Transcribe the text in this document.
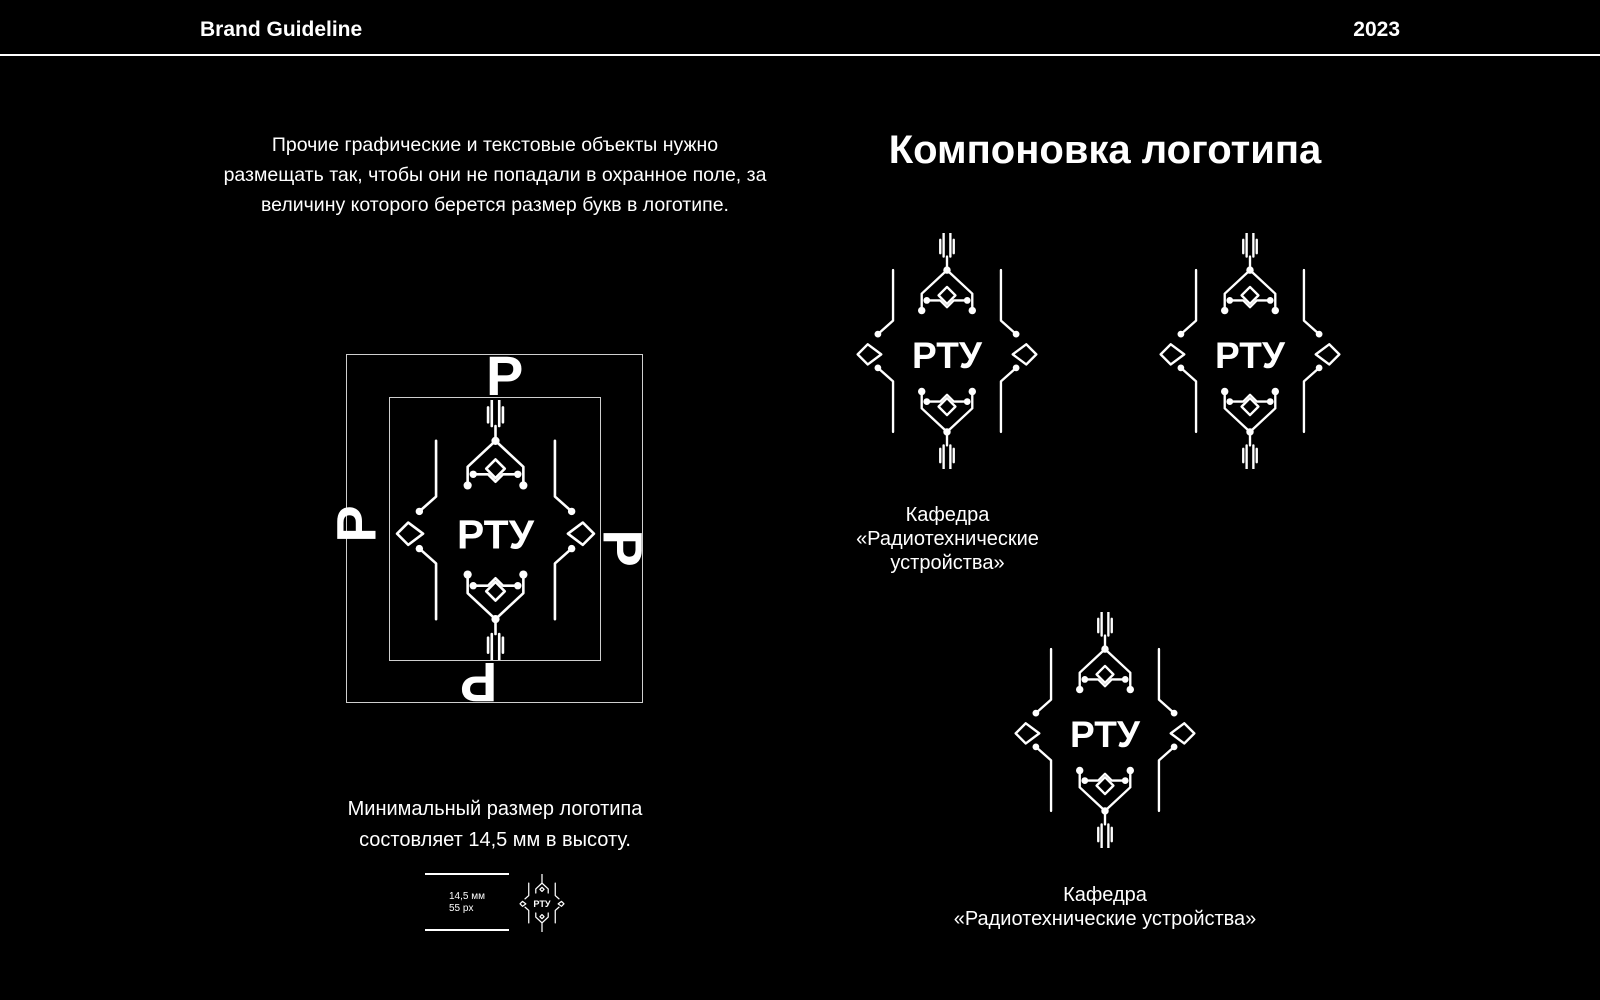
Brand Guideline	2023
Прочие графические и текстовые объекты нужно размещать так, чтобы они не попадали в охранное поле, за величину которого берется размер букв в логотипе.
Компоновка логотипа
Р
Р
Р
Р
РТУ
Минимальный размер логотипа состовляет 14,5 мм в высоту.
14,5 мм
55 px	РТУ
РТУ
Кафедра
«Радиотехнические
устройства»
РТУ
РТУ
Кафедра
«Радиотехнические устройства»
